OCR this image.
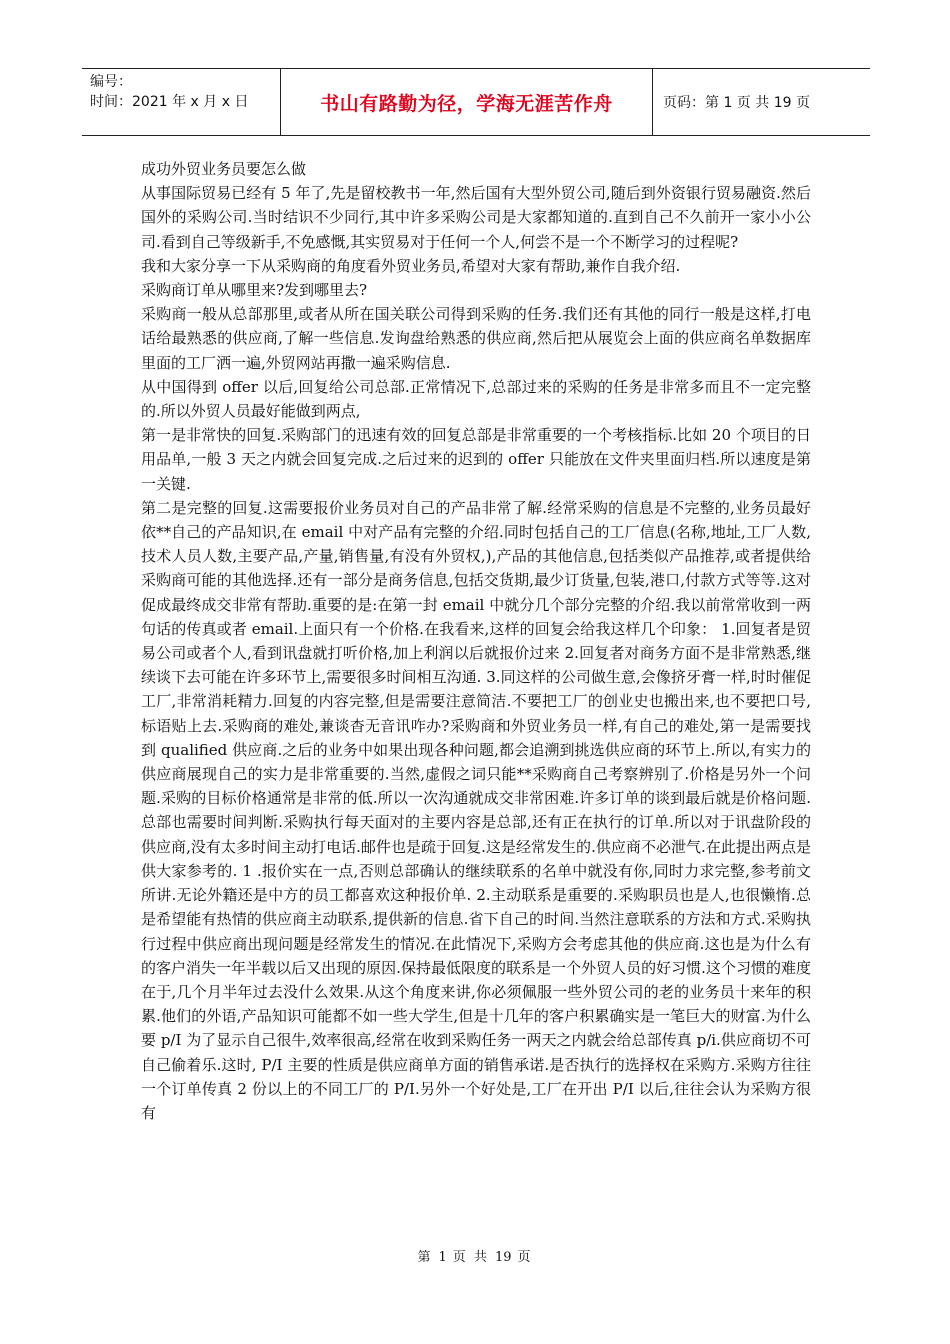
编号：
时间：2021 年 x 月 x 日	书山有路勤为径，学海无涯苦作舟	页码：第 1 页 共 19 页

成功外贸业务员要怎么做

从事国际贸易已经有 5 年了,先是留校教书一年,然后国有大型外贸公司,随后到外资银行贸易融资.然后国外的采购公司.当时结识不少同行,其中许多采购公司是大家都知道的.直到自己不久前开一家小小公司.看到自己等级新手,不免感慨,其实贸易对于任何一个人,何尝不是一个不断学习的过程呢?

我和大家分享一下从采购商的角度看外贸业务员,希望对大家有帮助,兼作自我介绍.

采购商订单从哪里来?发到哪里去?

采购商一般从总部那里,或者从所在国关联公司得到采购的任务.我们还有其他的同行一般是这样,打电话给最熟悉的供应商,了解一些信息.发询盘给熟悉的供应商,然后把从展览会上面的供应商名单数据库里面的工厂洒一遍,外贸网站再撒一遍采购信息.

从中国得到 offer 以后,回复给公司总部.正常情况下,总部过来的采购的任务是非常多而且不一定完整的.所以外贸人员最好能做到两点,

第一是非常快的回复.采购部门的迅速有效的回复总部是非常重要的一个考核指标.比如 20 个项目的日用品单,一般 3 天之内就会回复完成.之后过来的迟到的 offer 只能放在文件夹里面归档.所以速度是第一关键.

第二是完整的回复.这需要报价业务员对自己的产品非常了解.经常采购的信息是不完整的,业务员最好依**自己的产品知识,在 email 中对产品有完整的介绍.同时包括自己的工厂信息(名称,地址,工厂人数,技术人员人数,主要产品,产量,销售量,有没有外贸权,),产品的其他信息,包括类似产品推荐,或者提供给采购商可能的其他选择.还有一部分是商务信息,包括交货期,最少订货量,包装,港口,付款方式等等.这对促成最终成交非常有帮助.重要的是:在第一封 email 中就分几个部分完整的介绍.我以前常常收到一两句话的传真或者 email.上面只有一个价格.在我看来,这样的回复会给我这样几个印象： 1.回复者是贸易公司或者个人,看到讯盘就打听价格,加上利润以后就报价过来 2.回复者对商务方面不是非常熟悉,继续谈下去可能在许多环节上,需要很多时间相互沟通. 3.同这样的公司做生意,会像挤牙膏一样,时时催促工厂,非常消耗精力.回复的内容完整,但是需要注意简洁.不要把工厂的创业史也搬出来,也不要把口号,标语贴上去.采购商的难处,兼谈杳无音讯咋办?采购商和外贸业务员一样,有自己的难处,第一是需要找到 qualified 供应商.之后的业务中如果出现各种问题,都会追溯到挑选供应商的环节上.所以,有实力的供应商展现自己的实力是非常重要的.当然,虚假之词只能**采购商自己考察辨别了.价格是另外一个问题.采购的目标价格通常是非常的低.所以一次沟通就成交非常困难.许多订单的谈到最后就是价格问题.总部也需要时间判断.采购执行每天面对的主要内容是总部,还有正在执行的订单.所以对于讯盘阶段的供应商,没有太多时间主动打电话.邮件也是疏于回复.这是经常发生的.供应商不必泄气.在此提出两点是供大家参考的. 1 .报价实在一点,否则总部确认的继续联系的名单中就没有你,同时力求完整,参考前文所讲.无论外籍还是中方的员工都喜欢这种报价单. 2.主动联系是重要的.采购职员也是人,也很懒惰.总是希望能有热情的供应商主动联系,提供新的信息.省下自己的时间.当然注意联系的方法和方式.采购执行过程中供应商出现问题是经常发生的情况.在此情况下,采购方会考虑其他的供应商.这也是为什么有的客户消失一年半载以后又出现的原因.保持最低限度的联系是一个外贸人员的好习惯.这个习惯的难度在于,几个月半年过去没什么效果.从这个角度来讲,你必须佩服一些外贸公司的老的业务员十来年的积累.他们的外语,产品知识可能都不如一些大学生,但是十几年的客户积累确实是一笔巨大的财富.为什么要 p/I 为了显示自己很牛,效率很高,经常在收到采购任务一两天之内就会给总部传真 p/i.供应商切不可自己偷着乐.这时, P/I 主要的性质是供应商单方面的销售承诺.是否执行的选择权在采购方.采购方往往一个订单传真 2 份以上的不同工厂的 P/I.另外一个好处是,工厂在开出 P/I 以后,往往会认为采购方很有

第 1 页 共 19 页
